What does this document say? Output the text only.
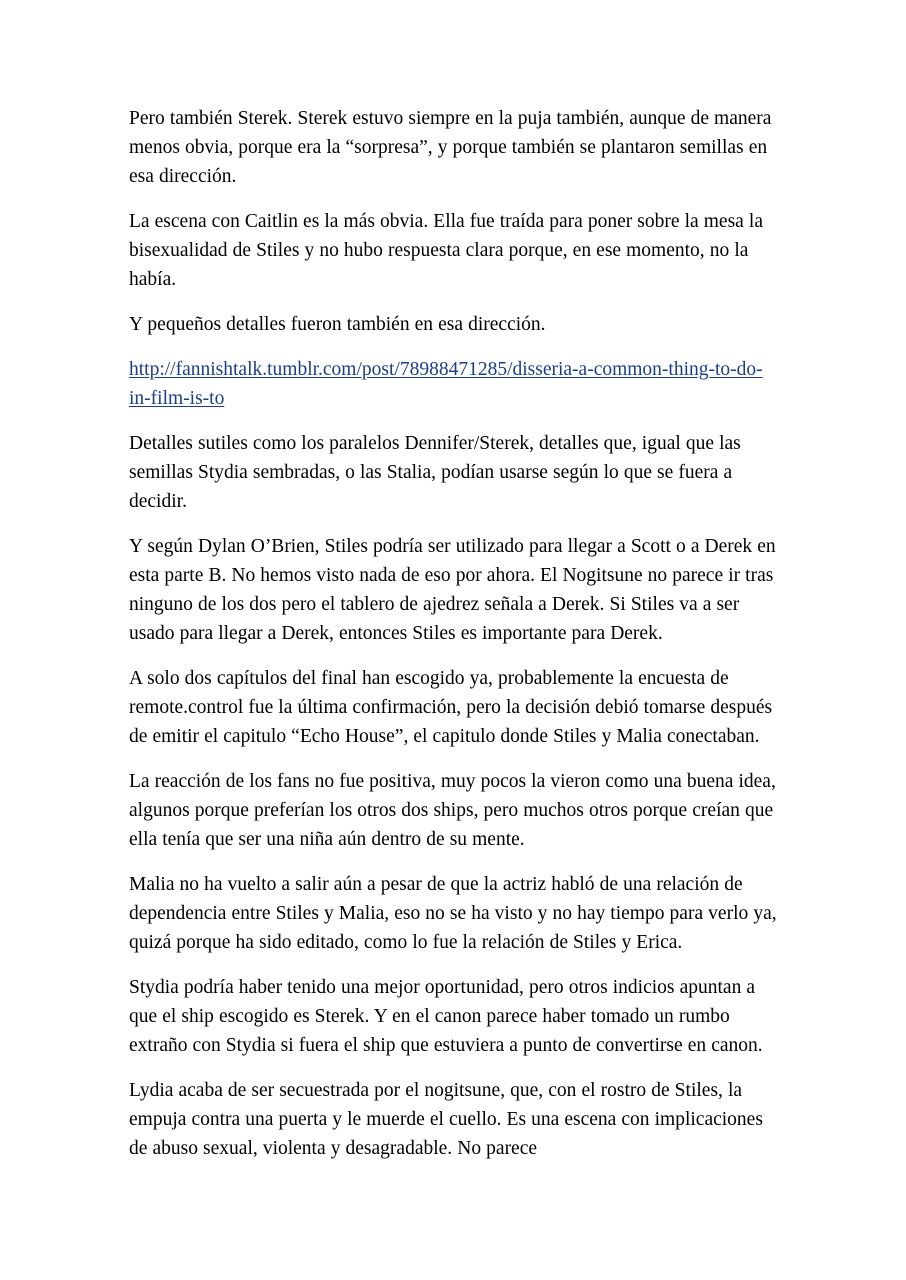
Pero también Sterek. Sterek estuvo siempre en la puja también, aunque de manera menos obvia, porque era la “sorpresa”, y porque también se plantaron semillas en esa dirección.

La escena con Caitlin es la más obvia. Ella fue traída para poner sobre la mesa la bisexualidad de Stiles y no hubo respuesta clara porque, en ese momento, no la había.

Y pequeños detalles fueron también en esa dirección.

http://fannishtalk.tumblr.com/post/78988471285/disseria-a-common-thing-to-do-in-film-is-to

Detalles sutiles como los paralelos Dennifer/Sterek, detalles que, igual que las semillas Stydia sembradas, o las Stalia, podían usarse según lo que se fuera a decidir.

Y según Dylan O’Brien, Stiles podría ser utilizado para llegar a Scott o a Derek en esta parte B. No hemos visto nada de eso por ahora. El Nogitsune no parece ir tras ninguno de los dos pero el tablero de ajedrez señala a Derek. Si Stiles va a ser usado para llegar a Derek, entonces Stiles es importante para Derek.

A solo dos capítulos del final han escogido ya, probablemente la encuesta de remote.control fue la última confirmación, pero la decisión debió tomarse después de emitir el capitulo “Echo House”, el capitulo donde Stiles y Malia conectaban.

La reacción de los fans no fue positiva, muy pocos la vieron como una buena idea, algunos porque preferían los otros dos ships, pero muchos otros porque creían que ella tenía que ser una niña aún dentro de su mente.

Malia no ha vuelto a salir aún a pesar de que la actriz habló de una relación de dependencia entre Stiles y Malia, eso no se ha visto y no hay tiempo para verlo ya, quizá porque ha sido editado, como lo fue la relación de Stiles y Erica.

Stydia podría haber tenido una mejor oportunidad, pero otros indicios apuntan a que el ship escogido es Sterek. Y en el canon parece haber tomado un rumbo extraño con Stydia si fuera el ship que estuviera a punto de convertirse en canon.

Lydia acaba de ser secuestrada por el nogitsune, que, con el rostro de Stiles, la empuja contra una puerta y le muerde el cuello. Es una escena con implicaciones de abuso sexual, violenta y desagradable. No parece
